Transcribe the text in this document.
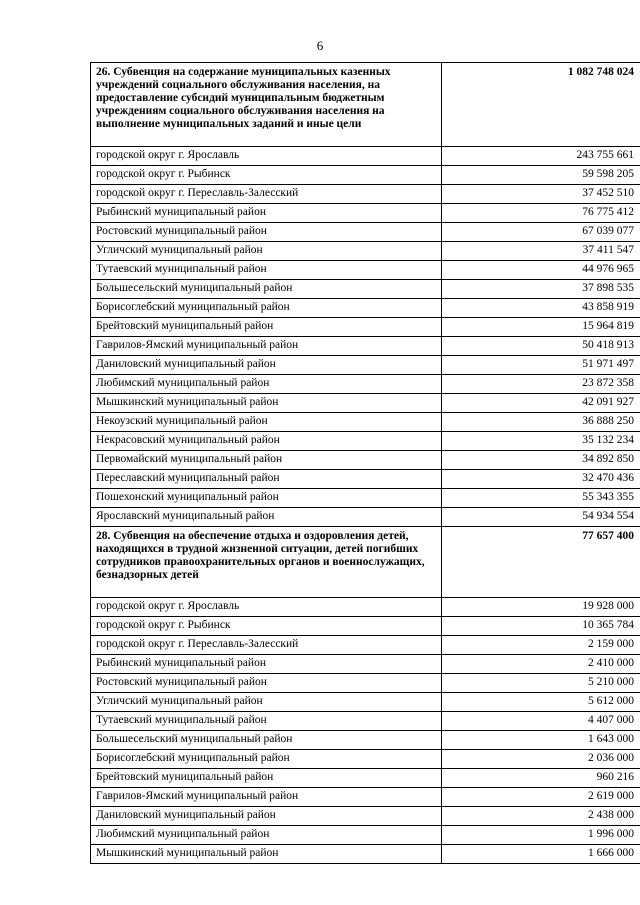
6
26. Субвенция на содержание муниципальных казенных учреждений социального обслуживания населения, на предоставление субсидий муниципальным бюджетным учреждениям социального обслуживания населения на выполнение муниципальных заданий и иные цели	1 082 748 024
городской округ г. Ярославль	243 755 661
городской округ г. Рыбинск	59 598 205
городской округ г. Переславль-Залесский	37 452 510
Рыбинский муниципальный район	76 775 412
Ростовский муниципальный район	67 039 077
Угличский муниципальный район	37 411 547
Тутаевский муниципальный район	44 976 965
Большесельский муниципальный район	37 898 535
Борисоглебский муниципальный район	43 858 919
Брейтовский муниципальный район	15 964 819
Гаврилов-Ямский муниципальный район	50 418 913
Даниловский муниципальный район	51 971 497
Любимский муниципальный район	23 872 358
Мышкинский муниципальный район	42 091 927
Некоузский муниципальный район	36 888 250
Некрасовский муниципальный район	35 132 234
Первомайский муниципальный район	34 892 850
Переславский муниципальный район	32 470 436
Пошехонский муниципальный район	55 343 355
Ярославский муниципальный район	54 934 554
28. Субвенция на обеспечение отдыха и оздоровления детей, находящихся в трудной жизненной ситуации, детей погибших сотрудников правоохранительных органов и военнослужащих, безнадзорных детей	77 657 400
городской округ г. Ярославль	19 928 000
городской округ г. Рыбинск	10 365 784
городской округ г. Переславль-Залесский	2 159 000
Рыбинский муниципальный район	2 410 000
Ростовский муниципальный район	5 210 000
Угличский муниципальный район	5 612 000
Тутаевский муниципальный район	4 407 000
Большесельский муниципальный район	1 643 000
Борисоглебский муниципальный район	2 036 000
Брейтовский муниципальный район	960 216
Гаврилов-Ямский муниципальный район	2 619 000
Даниловский муниципальный район	2 438 000
Любимский муниципальный район	1 996 000
Мышкинский муниципальный район	1 666 000
